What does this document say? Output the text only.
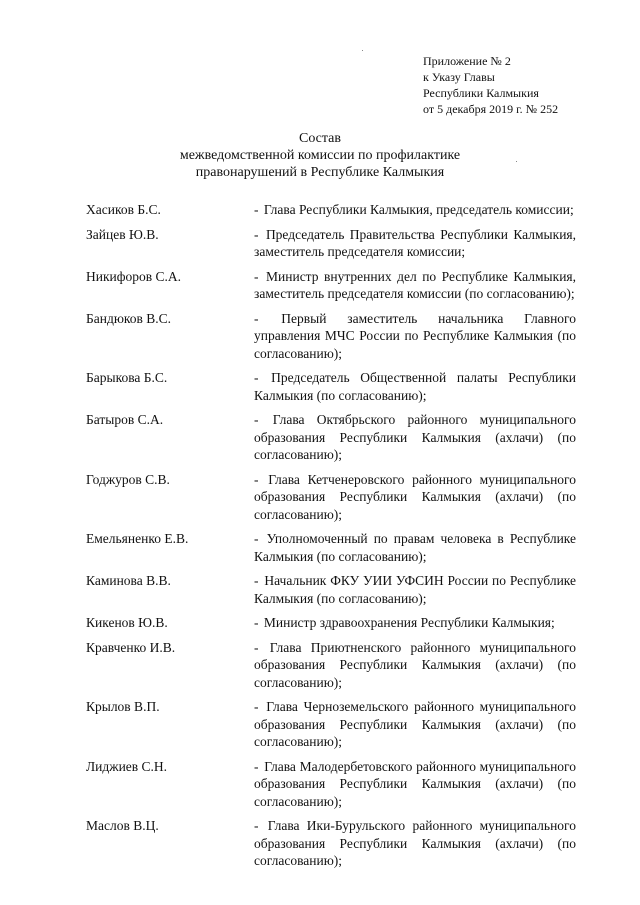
Приложение № 2
к Указу Главы
Республики Калмыкия
от 5 декабря 2019 г. № 252
Состав
межведомственной комиссии по профилактике
правонарушений в Республике Калмыкия
Хасиков Б.С.	- Глава Республики Калмыкия, председатель комиссии;
Зайцев Ю.В.	- Председатель Правительства Республики Калмыкия, заместитель председателя комиссии;
Никифоров С.А.	- Министр внутренних дел по Республике Калмыкия, заместитель председателя комиссии (по согласованию);
Бандюков В.С.	- Первый заместитель начальника Главного управления МЧС России по Республике Калмыкия (по согласованию);
Барыкова Б.С.	- Председатель Общественной палаты Республики Калмыкия (по согласованию);
Батыров С.А.	- Глава Октябрьского районного муниципального образования Республики Калмыкия (ахлачи) (по согласованию);
Годжуров С.В.	- Глава Кетченеровского районного муниципального образования Республики Калмыкия (ахлачи) (по согласованию);
Емельяненко Е.В.	- Уполномоченный по правам человека в Республике Калмыкия (по согласованию);
Каминова В.В.	- Начальник ФКУ УИИ УФСИН России по Республике Калмыкия (по согласованию);
Кикенов Ю.В.	- Министр здравоохранения Республики Калмыкия;
Кравченко И.В.	- Глава Приютненского районного муниципального образования Республики Калмыкия (ахлачи) (по согласованию);
Крылов В.П.	- Глава Черноземельского районного муниципального образования Республики Калмыкия (ахлачи) (по согласованию);
Лиджиев С.Н.	- Глава Малодербетовского районного муниципального образования Республики Калмыкия (ахлачи) (по согласованию);
Маслов В.Ц.	- Глава Ики-Бурульского районного муниципального образования Республики Калмыкия (ахлачи) (по согласованию);
